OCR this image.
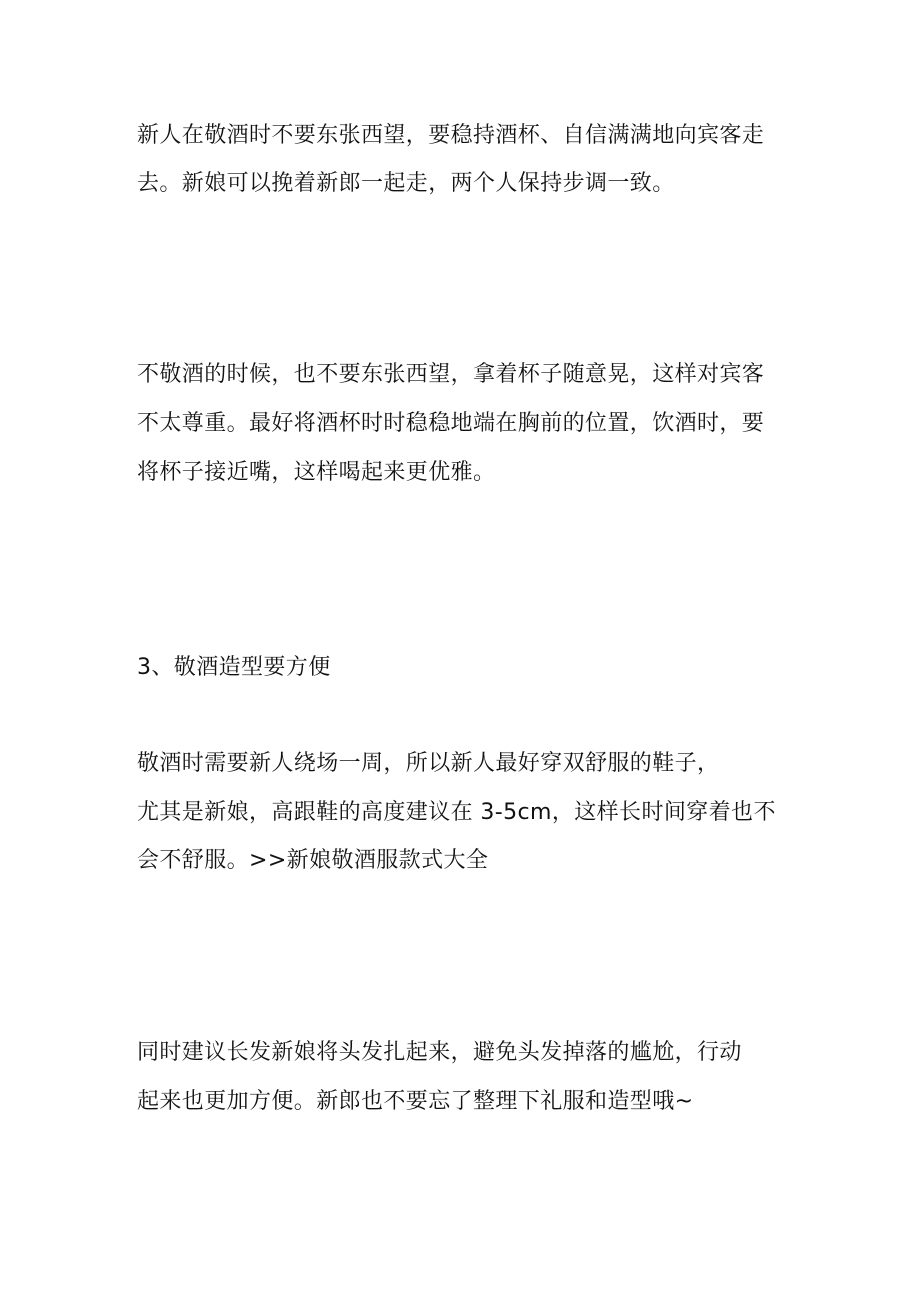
新人在敬酒时不要东张西望，要稳持酒杯、自信满满地向宾客走

去。新娘可以挽着新郎一起走，两个人保持步调一致。

不敬酒的时候，也不要东张西望，拿着杯子随意晃，这样对宾客

不太尊重。最好将酒杯时时稳稳地端在胸前的位置，饮酒时，要

将杯子接近嘴，这样喝起来更优雅。

3、敬酒造型要方便

敬酒时需要新人绕场一周，所以新人最好穿双舒服的鞋子，

尤其是新娘，高跟鞋的高度建议在 3-5cm，这样长时间穿着也不

会不舒服。>>新娘敬酒服款式大全

同时建议长发新娘将头发扎起来，避免头发掉落的尴尬，行动

起来也更加方便。新郎也不要忘了整理下礼服和造型哦~
